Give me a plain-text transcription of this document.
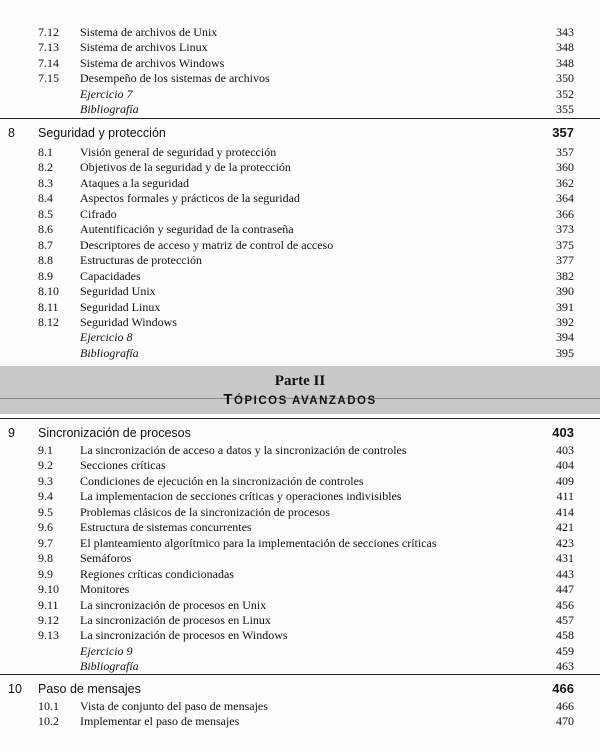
7.12 Sistema de archivos de Unix	343
7.13 Sistema de archivos Linux	348
7.14 Sistema de archivos Windows	348
7.15 Desempeño de los sistemas de archivos	350
Ejercicio 7	352
Bibliografía	355
8 Seguridad y protección	357
8.1 Visión general de seguridad y protección	357
8.2 Objetivos de la seguridad y de la protección	360
8.3 Ataques a la seguridad	362
8.4 Aspectos formales y prácticos de la seguridad	364
8.5 Cifrado	366
8.6 Autentificación y seguridad de la contraseña	373
8.7 Descriptores de acceso y matriz de control de acceso	375
8.8 Estructuras de protección	377
8.9 Capacidades	382
8.10 Seguridad Unix	390
8.11 Seguridad Linux	391
8.12 Seguridad Windows	392
Ejercicio 8	394
Bibliografía	395
9 Sincronización de procesos	403
9.1 La sincronización de acceso a datos y la sincronización de controles	403
9.2 Secciones críticas	404
9.3 Condiciones de ejecución en la sincronización de controles	409
9.4 La implementacion de secciones críticas y operaciones indivisibles	411
9.5 Problemas clásicos de la sincronización de procesos	414
9.6 Estructura de sistemas concurrentes	421
9.7 El planteamiento algorítmico para la implementación de secciones críticas	423
9.8 Semáforos	431
9.9 Regiones críticas condicionadas	443
9.10 Monitores	447
9.11 La sincronización de procesos en Unix	456
9.12 La sincronización de procesos en Linux	457
9.13 La sincronización de procesos en Windows	458
Ejercicio 9	459
Bibliografía	463
10 Paso de mensajes	466
10.1 Vista de conjunto del paso de mensajes	466
10.2 Implementar el paso de mensajes	470
Parte II
TÓPICOS AVANZADOS
